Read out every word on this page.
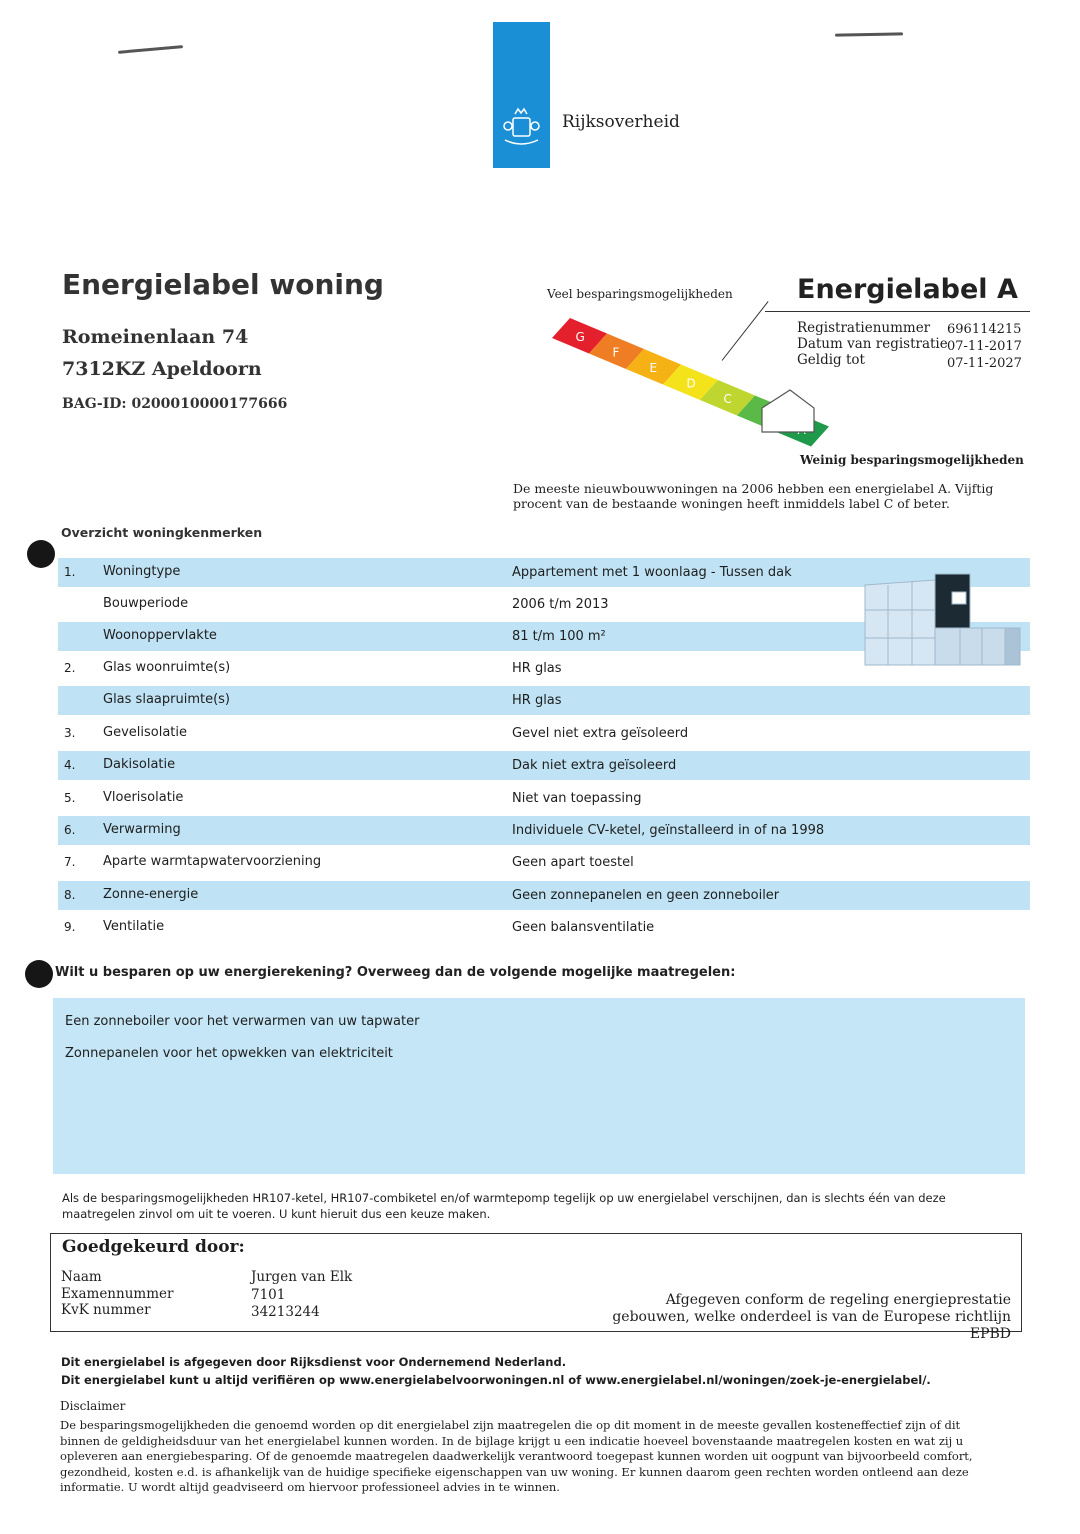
Rijksoverheid
Energielabel woning
Romeinenlaan 74
7312KZ Apeldoorn
BAG-ID: 0200010000177666
Veel besparingsmogelijkheden
G
F
E
D
C
Weinig besparingsmogelijkheden
Energielabel A
Registratienummer 696114215
Datum van registratie 07-11-2017
Geldig tot	07-11-2027
De meeste nieuwbouwwoningen na 2006 hebben een energielabel A. Vijftig procent van de bestaande woningen heeft inmiddels label C of beter.
Overzicht woningkenmerken
1. Woningtype	Appartement met 1 woonlaag - Tussen dak
Bouwperiode	2006 t/m 2013
Woonoppervlakte	81 t/m 100 m²
2. Glas woonruimte(s)	HR glas
Glas slaapruimte(s)	HR glas
3. Gevelisolatie	Gevel niet extra geïsoleerd
4. Dakisolatie	Dak niet extra geïsoleerd
5. Vloerisolatie	Niet van toepassing
6. Verwarming	Individuele CV-ketel, geïnstalleerd in of na 1998
7. Aparte warmtapwatervoorziening	Geen apart toestel
8. Zonne-energie	Geen zonnepanelen en geen zonneboiler
9. Ventilatie	Geen balansventilatie
Wilt u besparen op uw energierekening? Overweeg dan de volgende mogelijke maatregelen:
Een zonneboiler voor het verwarmen van uw tapwater
Zonnepanelen voor het opwekken van elektriciteit
Als de besparingsmogelijkheden HR107-ketel, HR107-combiketel en/of warmtepomp tegelijk op uw energielabel verschijnen, dan is slechts één van deze maatregelen zinvol om uit te voeren. U kunt hieruit dus een keuze maken.
Goedgekeurd door:
Naam	Jurgen van Elk
Examennummer	7101
KvK nummer	34213244
Afgegeven conform de regeling energieprestatie gebouwen, welke onderdeel is van de Europese richtlijn EPBD
Dit energielabel is afgegeven door Rijksdienst voor Ondernemend Nederland.
Dit energielabel kunt u altijd verifiëren op www.energielabelvoorwoningen.nl of www.energielabel.nl/woningen/zoek-je-energielabel/.
Disclaimer
De besparingsmogelijkheden die genoemd worden op dit energielabel zijn maatregelen die op dit moment in de meeste gevallen kosteneffectief zijn of dit binnen de geldigheidsduur van het energielabel kunnen worden. In de bijlage krijgt u een indicatie hoeveel bovenstaande maatregelen kosten en wat zij u opleveren aan energiebesparing. Of de genoemde maatregelen daadwerkelijk verantwoord toegepast kunnen worden uit oogpunt van bijvoorbeeld comfort, gezondheid, kosten e.d. is afhankelijk van de huidige specifieke eigenschappen van uw woning. Er kunnen daarom geen rechten worden ontleend aan deze informatie. U wordt altijd geadviseerd om hiervoor professioneel advies in te winnen.
